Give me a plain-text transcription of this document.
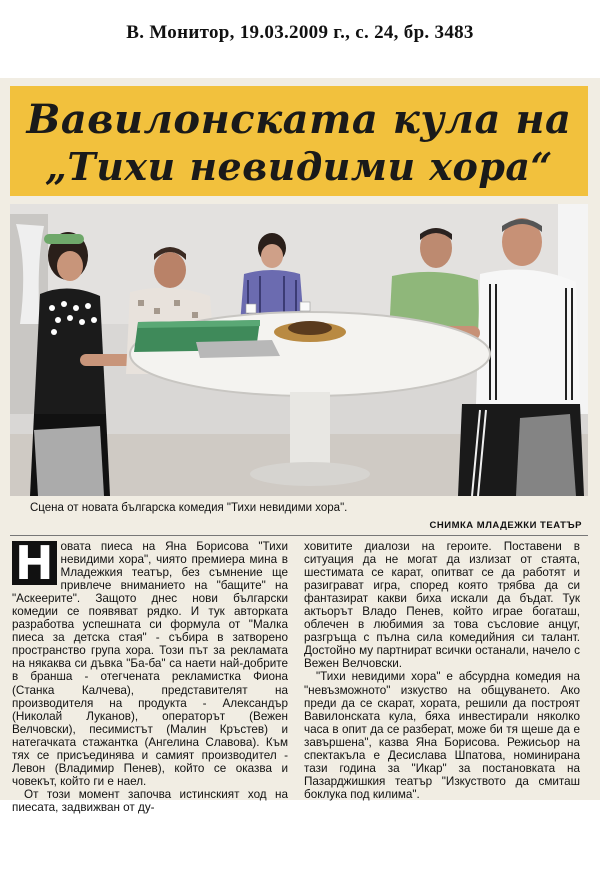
В. Монитор, 19.03.2009 г., с. 24, бр. 3483
Вавилонската кула на
„Тихи невидими хора“
Сцена от новата българска комедия "Тихи невидими хора".
СНИМКА МЛАДЕЖКИ ТЕАТЪР

Н овата пиеса на Яна Борисова "Тихи невидими хора", чиято премиера мина в Младежкия театър, без съмнение ще привлече вниманието на "бащите" на "Аскеерите". Защото днес нови български комедии се появяват рядко. И тук авторката разработва успешната си формула от "Малка пиеса за детска стая" - събира в затворено пространство група хора. Този път за рекламата на някаква си дъвка "Ба-ба" са наети най-добрите в бранша - отегчената рекламистка Фиона (Станка Калчева), представителят на производителя на продукта - Александър (Николай Луканов), операторът (Вежен Велчовски), песимистът (Малин Кръстев) и натегачката стажантка (Ангелина Славова). Към тях се присъединява и самият производител - Левон (Владимир Пенев), който се оказва и човекът, който ги е наел.

От този момент започва истинският ход на пиесата, задвижван от ду-

ховитите диалози на героите. Поставени в ситуация да не могат да излизат от стаята, шестимата се карат, опитват се да работят и разиграват игра, според която трябва да си фантазират какви биха искали да бъдат. Тук актьорът Владо Пенев, който играе богаташ, облечен в любимия за това съсловие анцуг, разгръща с пълна сила комедийния си талант. Достойно му партнират всички останали, начело с Вежен Велчовски.

"Тихи невидими хора" е абсурдна комедия на "невъзможното" изкуство на общуването. Ако преди да се скарат, хората, решили да построят Вавилонската кула, бяха инвестирали няколко часа в опит да се разберат, може би тя щеше да е завършена", казва Яна Борисова. Режисьор на спектакъла е Десислава Шпатова, номинирана тази година за "Икар" за постановката на Пазарджишкия театър "Изкуството да смиташ боклука под килима".
